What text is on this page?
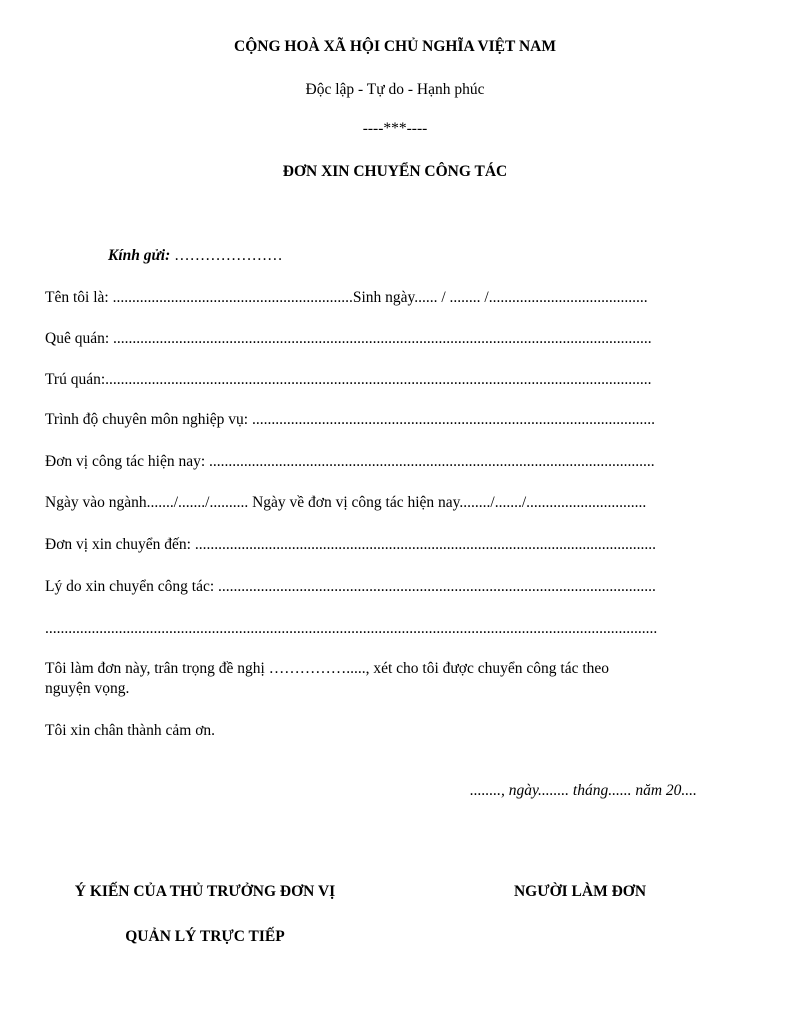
CỘNG HOÀ XÃ HỘI CHỦ NGHĨA VIỆT NAM
Độc lập - Tự do - Hạnh phúc
----***----
ĐƠN XIN CHUYỂN CÔNG TÁC
Kính gửi: …………………
Tên tôi là: ..............................................................Sinh ngày...... / ........ /.........................................
Quê quán: ...........................................................................................................................................
Trú quán:.............................................................................................................................................
Trình độ chuyên môn nghiệp vụ: ........................................................................................................
Đơn vị công tác hiện nay: ...................................................................................................................
Ngày vào ngành......./......./.......... Ngày về đơn vị công tác hiện nay......../......./...............................
Đơn vị xin chuyển đến: .......................................................................................................................
Lý do xin chuyển công tác: .................................................................................................................
..............................................................................................................................................................
Tôi làm đơn này, trân trọng đề nghị ……………....., xét cho tôi được chuyển công tác theo
nguyện vọng.
Tôi xin chân thành cảm ơn.
........, ngày........ tháng...... năm 20....
Ý KIẾN CỦA THỦ TRƯỞNG ĐƠN VỊ
QUẢN LÝ TRỰC TIẾP
NGƯỜI LÀM ĐƠN
